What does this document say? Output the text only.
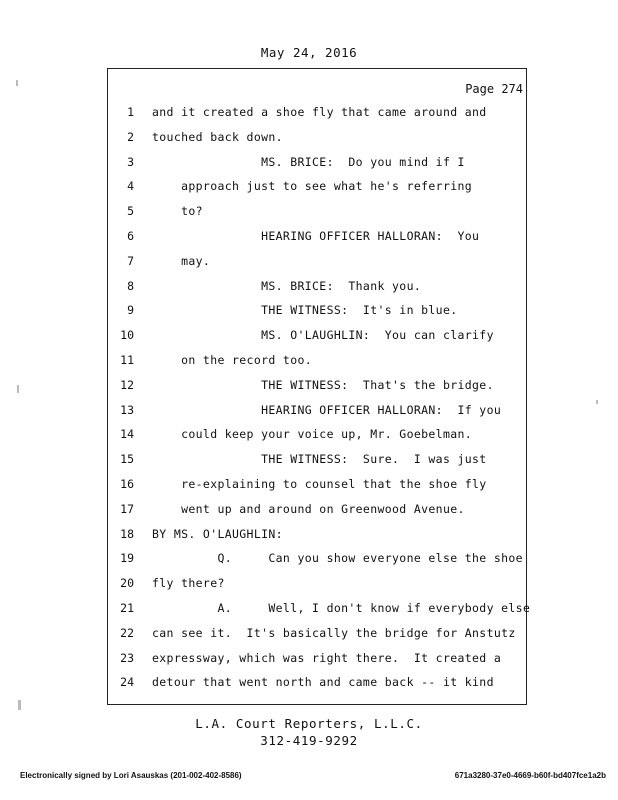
May 24, 2016
Page 274
1 and it created a shoe fly that came around and
2 touched back down.
3 MS. BRICE:  Do you mind if I
4 approach just to see what he's referring
5 to?
6 HEARING OFFICER HALLORAN:  You
7 may.
8 MS. BRICE:  Thank you.
9 THE WITNESS:  It's in blue.
10 MS. O'LAUGHLIN:  You can clarify
11 on the record too.
12 THE WITNESS:  That's the bridge.
13 HEARING OFFICER HALLORAN:  If you
14 could keep your voice up, Mr. Goebelman.
15 THE WITNESS:  Sure.  I was just
16 re-explaining to counsel that the shoe fly
17 went up and around on Greenwood Avenue.
18 BY MS. O'LAUGHLIN:
19 Q.     Can you show everyone else the shoe
20 fly there?
21 A.     Well, I don't know if everybody else
22 can see it.  It's basically the bridge for Anstutz
23 expressway, which was right there.  It created a
24 detour that went north and came back -- it kind
L.A. Court Reporters, L.L.C.
312-419-9292
Electronically signed by Lori Asauskas (201-002-402-8586)	671a3280-37e0-4669-b60f-bd407fce1a2b
